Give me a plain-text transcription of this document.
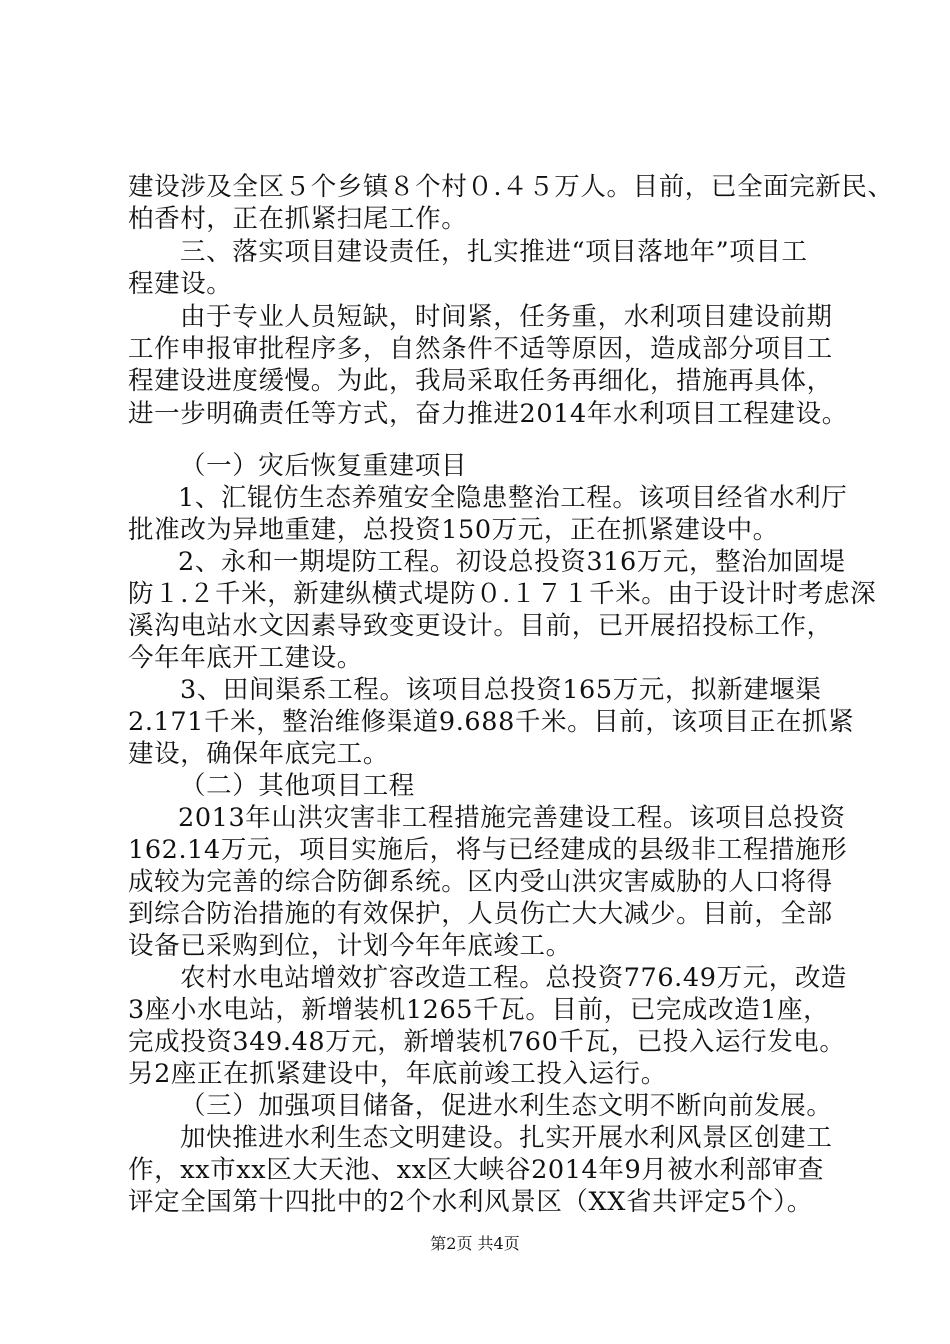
建设涉及全区５个乡镇８个村０.４５万人。目前，已全面完新民、
柏香村，正在抓紧扫尾工作。
三、落实项目建设责任，扎实推进“项目落地年”项目工
程建设。
由于专业人员短缺，时间紧，任务重，水利项目建设前期
工作申报审批程序多，自然条件不适等原因，造成部分项目工
程建设进度缓慢。为此，我局采取任务再细化，措施再具体，
进一步明确责任等方式，奋力推进2014年水利项目工程建设。
（一）灾后恢复重建项目
1、汇锟仿生态养殖安全隐患整治工程。该项目经省水利厅
批准改为异地重建，总投资150万元，正在抓紧建设中。
2、永和一期堤防工程。初设总投资316万元，整治加固堤
防１.２千米，新建纵横式堤防０.１７１千米。由于设计时考虑深
溪沟电站水文因素导致变更设计。目前，已开展招投标工作，
今年年底开工建设。
3、田间渠系工程。该项目总投资165万元，拟新建堰渠
2.171千米，整治维修渠道9.688千米。目前，该项目正在抓紧
建设，确保年底完工。
（二）其他项目工程
2013年山洪灾害非工程措施完善建设工程。该项目总投资
162.14万元，项目实施后，将与已经建成的县级非工程措施形
成较为完善的综合防御系统。区内受山洪灾害威胁的人口将得
到综合防治措施的有效保护，人员伤亡大大减少。目前，全部
设备已采购到位，计划今年年底竣工。
农村水电站增效扩容改造工程。总投资776.49万元，改造
3座小水电站，新增装机1265千瓦。目前，已完成改造1座，
完成投资349.48万元，新增装机760千瓦，已投入运行发电。
另2座正在抓紧建设中，年底前竣工投入运行。
（三）加强项目储备，促进水利生态文明不断向前发展。
加快推进水利生态文明建设。扎实开展水利风景区创建工
作，xx市xx区大天池、xx区大峡谷2014年9月被水利部审查
评定全国第十四批中的2个水利风景区（XX省共评定5个）。
第2页 共4页
